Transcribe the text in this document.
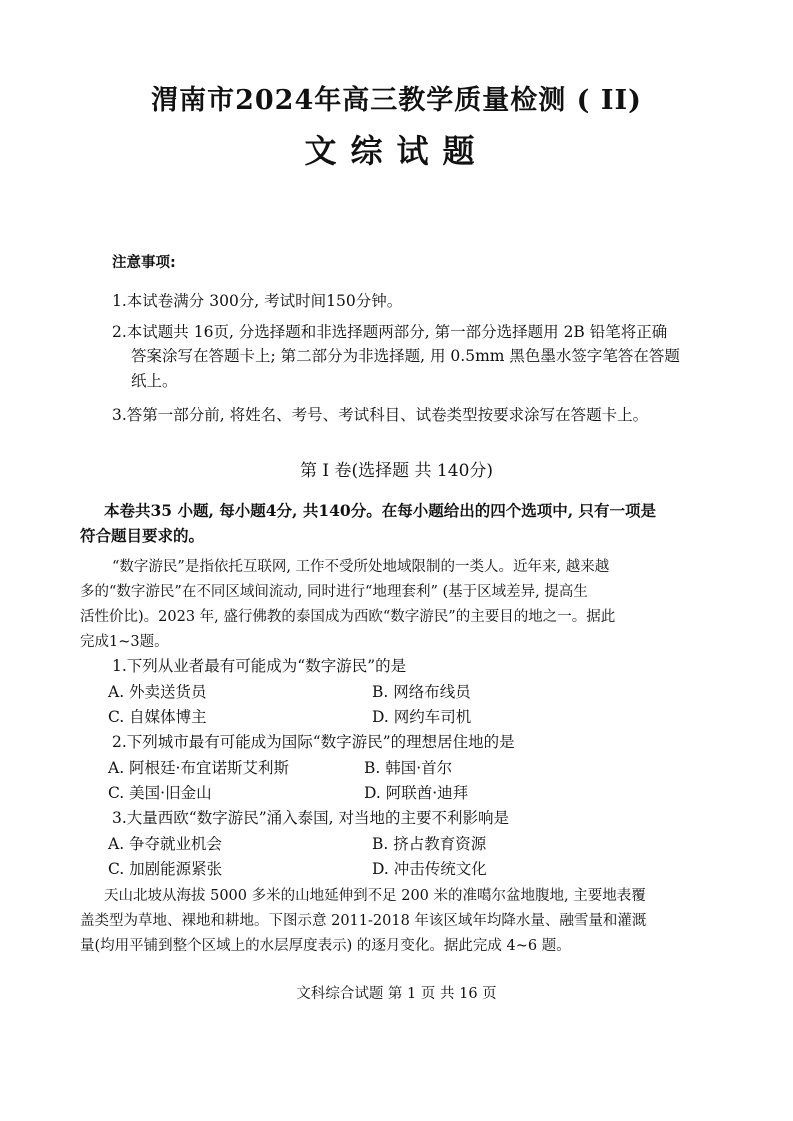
渭南市2024年高三教学质量检测 ( II)
文综试题
注意事项:
1.本试卷满分 300分, 考试时间150分钟。
2.本试题共 16页, 分选择题和非选择题两部分, 第一部分选择题用 2B 铅笔将正确
答案涂写在答题卡上; 第二部分为非选择题, 用 0.5mm 黑色墨水签字笔答在答题
纸上。
3.答第一部分前, 将姓名、考号、考试科目、试卷类型按要求涂写在答题卡上。
第 I 卷(选择题 共 140分)
本卷共35 小题, 每小题4分, 共140分。在每小题给出的四个选项中, 只有一项是
符合题目要求的。
“数字游民”是指依托互联网, 工作不受所处地域限制的一类人。近年来, 越来越
多的“数字游民”在不同区域间流动, 同时进行“地理套利” (基于区域差异, 提高生
活性价比)。2023 年, 盛行佛教的泰国成为西欧“数字游民”的主要目的地之一。据此
完成1~3题。
1.下列从业者最有可能成为“数字游民”的是
A. 外卖送货员	B. 网络布线员
C. 自媒体博主	D. 网约车司机
2.下列城市最有可能成为国际“数字游民”的理想居住地的是
A. 阿根廷·布宜诺斯艾利斯	B. 韩国·首尔
C. 美国·旧金山	D. 阿联酋·迪拜
3.大量西欧“数字游民”涌入泰国, 对当地的主要不利影响是
A. 争夺就业机会	B. 挤占教育资源
C. 加剧能源紧张	D. 冲击传统文化
天山北坡从海拔 5000 多米的山地延伸到不足 200 米的准噶尔盆地腹地, 主要地表覆
盖类型为草地、裸地和耕地。下图示意 2011-2018 年该区域年均降水量、融雪量和灌溉
量(均用平铺到整个区域上的水层厚度表示) 的逐月变化。据此完成 4~6 题。
文科综合试题 第 1 页 共 16 页
